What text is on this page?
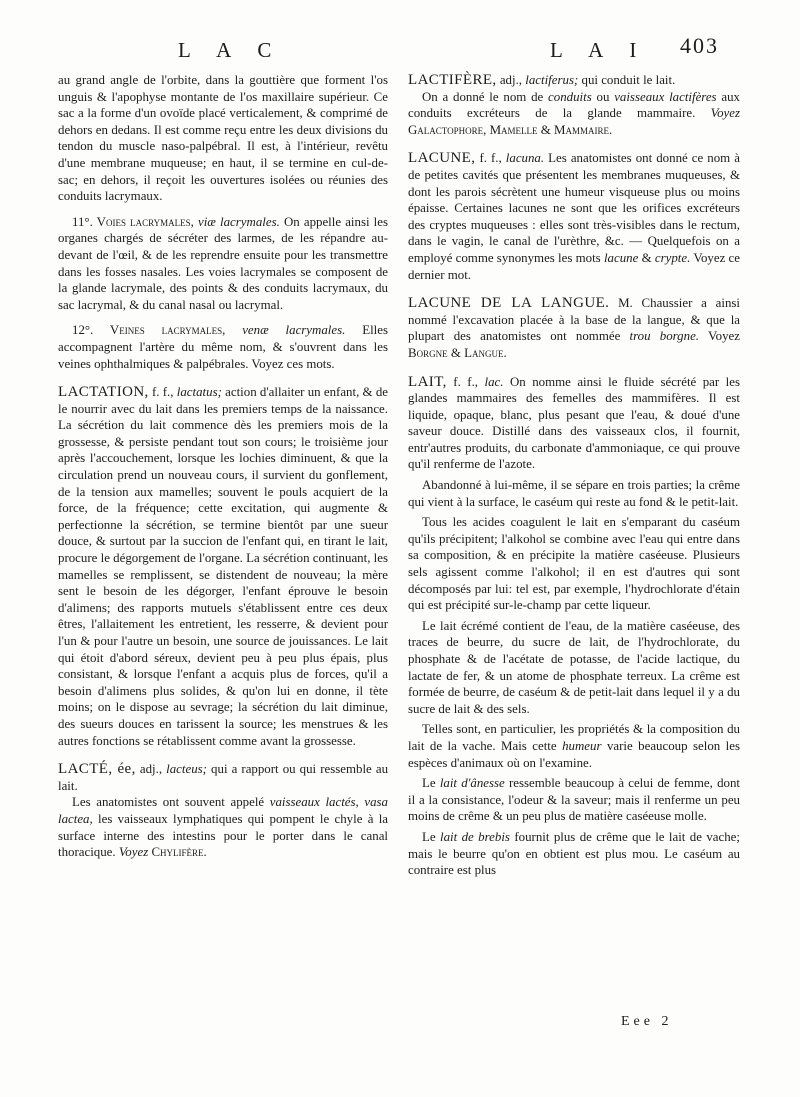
L A C	L A I 403

au grand angle de l'orbite, dans la gouttière que forment l'os unguis & l'apophyse montante de l'os maxillaire supérieur. Ce sac a la forme d'un ovoïde placé verticalement, & comprimé de dehors en dedans. Il est comme reçu entre les deux divisions du tendon du muscle naso-palpébral. Il est, à l'intérieur, revêtu d'une membrane muqueuse; en haut, il se termine en cul-de-sac; en dehors, il reçoit les ouvertures isolées ou réunies des conduits lacrymaux.

11°. Voies lacrymales, viæ lacrymales. On appelle ainsi les organes chargés de sécréter des larmes, de les répandre au-devant de l'œil, & de les reprendre ensuite pour les transmettre dans les fosses nasales. Les voies lacrymales se composent de la glande lacrymale, des points & des conduits lacrymaux, du sac lacrymal, & du canal nasal ou lacrymal.

12°. Veines lacrymales, venæ lacrymales. Elles accompagnent l'artère du même nom, & s'ouvrent dans les veines ophthalmiques & palpébrales. Voyez ces mots.

LACTATION, f. f., lactatus; action d'allaiter un enfant, & de le nourrir avec du lait dans les premiers temps de la naissance. La sécrétion du lait commence dès les premiers mois de la grossesse, & persiste pendant tout son cours; le troisième jour après l'accouchement, lorsque les lochies diminuent, & que la circulation prend un nouveau cours, il survient du gonflement, de la tension aux mamelles; souvent le pouls acquiert de la force, de la fréquence; cette excitation, qui augmente & perfectionne la sécrétion, se termine bientôt par une sueur douce, & surtout par la succion de l'enfant qui, en tirant le lait, procure le dégorgement de l'organe. La sécrétion continuant, les mamelles se remplissent, se distendent de nouveau; la mère sent le besoin de les dégorger, l'enfant éprouve le besoin d'alimens; des rapports mutuels s'établissent entre ces deux êtres, l'allaitement les entretient, les resserre, & devient pour l'un & pour l'autre un besoin, une source de jouissances. Le lait qui étoit d'abord séreux, devient peu à peu plus épais, plus consistant, & lorsque l'enfant a acquis plus de forces, qu'il a besoin d'alimens plus solides, & qu'on lui en donne, il tète moins; on le dispose au sevrage; la sécrétion du lait diminue, des sueurs douces en tarissent la source; les menstrues & les autres fonctions se rétablissent comme avant la grossesse.

LACTÉ, ée, adj., lacteus; qui a rapport ou qui ressemble au lait.

Les anatomistes ont souvent appelé vaisseaux lactés, vasa lactea, les vaisseaux lymphatiques qui pompent le chyle à la surface interne des intestins pour le porter dans le canal thoracique. Voyez Chylifère.

LACTIFÈRE, adj., lactiferus; qui conduit le lait.

On a donné le nom de conduits ou vaisseaux lactifères aux conduits excréteurs de la glande mammaire. Voyez Galactophore, Mamelle & Mammaire.

LACUNE, f. f., lacuna. Les anatomistes ont donné ce nom à de petites cavités que présentent les membranes muqueuses, & dont les parois sécrètent une humeur visqueuse plus ou moins épaisse. Certaines lacunes ne sont que les orifices excréteurs des cryptes muqueuses : elles sont très-visibles dans le rectum, dans le vagin, le canal de l'urèthre, &c. — Quelquefois on a employé comme synonymes les mots lacune & crypte. Voyez ce dernier mot.

LACUNE DE LA LANGUE. M. Chaussier a ainsi nommé l'excavation placée à la base de la langue, & que la plupart des anatomistes ont nommée trou borgne. Voyez Borgne & Langue.

LAIT, f. f., lac. On nomme ainsi le fluide sécrété par les glandes mammaires des femelles des mammifères. Il est liquide, opaque, blanc, plus pesant que l'eau, & doué d'une saveur douce. Distillé dans des vaisseaux clos, il fournit, entr'autres produits, du carbonate d'ammoniaque, ce qui prouve qu'il renferme de l'azote.

Abandonné à lui-même, il se sépare en trois parties; la crême qui vient à la surface, le caséum qui reste au fond & le petit-lait.

Tous les acides coagulent le lait en s'emparant du caséum qu'ils précipitent; l'alkohol se combine avec l'eau qui entre dans sa composition, & en précipite la matière caséeuse. Plusieurs sels agissent comme l'alkohol; il en est d'autres qui sont décomposés par lui: tel est, par exemple, l'hydrochlorate d'étain qui est précipité sur-le-champ par cette liqueur.

Le lait écrémé contient de l'eau, de la matière caséeuse, des traces de beurre, du sucre de lait, de l'hydrochlorate, du phosphate & de l'acétate de potasse, de l'acide lactique, du lactate de fer, & un atome de phosphate terreux. La crême est formée de beurre, de caséum & de petit-lait dans lequel il y a du sucre de lait & des sels.

Telles sont, en particulier, les propriétés & la composition du lait de la vache. Mais cette humeur varie beaucoup selon les espèces d'animaux où on l'examine.

Le lait d'ânesse ressemble beaucoup à celui de femme, dont il a la consistance, l'odeur & la saveur; mais il renferme un peu moins de crême & un peu plus de matière caséeuse molle.

Le lait de brebis fournit plus de crême que le lait de vache; mais le beurre qu'on en obtient est plus mou. Le caséum au contraire est plus

Eee 2
